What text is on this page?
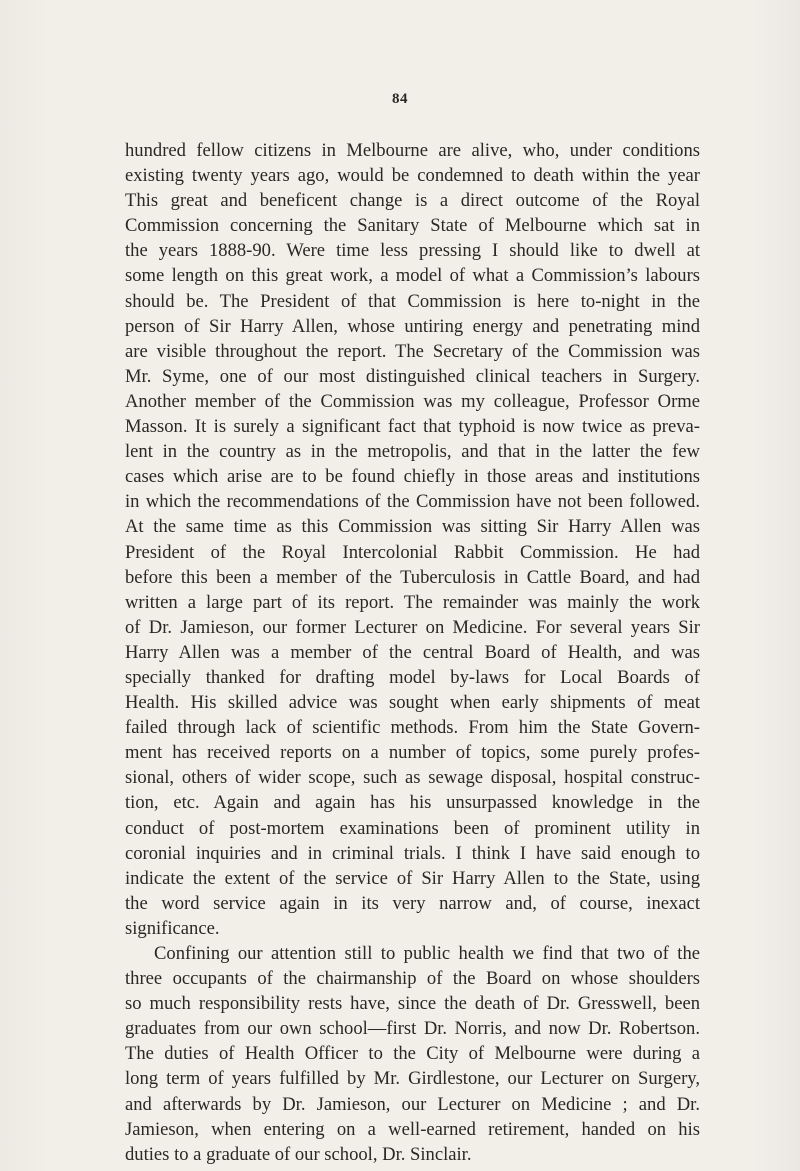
84

hundred fellow citizens in Melbourne are alive, who, under conditions
existing twenty years ago, would be condemned to death within the year
This great and beneficent change is a direct outcome of the Royal
Commission concerning the Sanitary State of Melbourne which sat in
the years 1888-90. Were time less pressing I should like to dwell at
some length on this great work, a model of what a Commission’s labours
should be. The President of that Commission is here to-night in the
person of Sir Harry Allen, whose untiring energy and penetrating mind
are visible throughout the report. The Secretary of the Commission was
Mr. Syme, one of our most distinguished clinical teachers in Surgery.
Another member of the Commission was my colleague, Professor Orme
Masson. It is surely a significant fact that typhoid is now twice as preva-
lent in the country as in the metropolis, and that in the latter the few
cases which arise are to be found chiefly in those areas and institutions
in which the recommendations of the Commission have not been followed.
At the same time as this Commission was sitting Sir Harry Allen was
President of the Royal Intercolonial Rabbit Commission. He had
before this been a member of the Tuberculosis in Cattle Board, and had
written a large part of its report. The remainder was mainly the work
of Dr. Jamieson, our former Lecturer on Medicine. For several years Sir
Harry Allen was a member of the central Board of Health, and was
specially thanked for drafting model by-laws for Local Boards of
Health. His skilled advice was sought when early shipments of meat
failed through lack of scientific methods. From him the State Govern-
ment has received reports on a number of topics, some purely profes-
sional, others of wider scope, such as sewage disposal, hospital construc-
tion, etc. Again and again has his unsurpassed knowledge in the
conduct of post-mortem examinations been of prominent utility in
coronial inquiries and in criminal trials. I think I have said enough to
indicate the extent of the service of Sir Harry Allen to the State, using
the word service again in its very narrow and, of course, inexact
significance.

Confining our attention still to public health we find that two of the
three occupants of the chairmanship of the Board on whose shoulders
so much responsibility rests have, since the death of Dr. Gresswell, been
graduates from our own school—first Dr. Norris, and now Dr. Robertson.
The duties of Health Officer to the City of Melbourne were during a
long term of years fulfilled by Mr. Girdlestone, our Lecturer on Surgery,
and afterwards by Dr. Jamieson, our Lecturer on Medicine ; and Dr.
Jamieson, when entering on a well-earned retirement, handed on his
duties to a graduate of our school, Dr. Sinclair.
